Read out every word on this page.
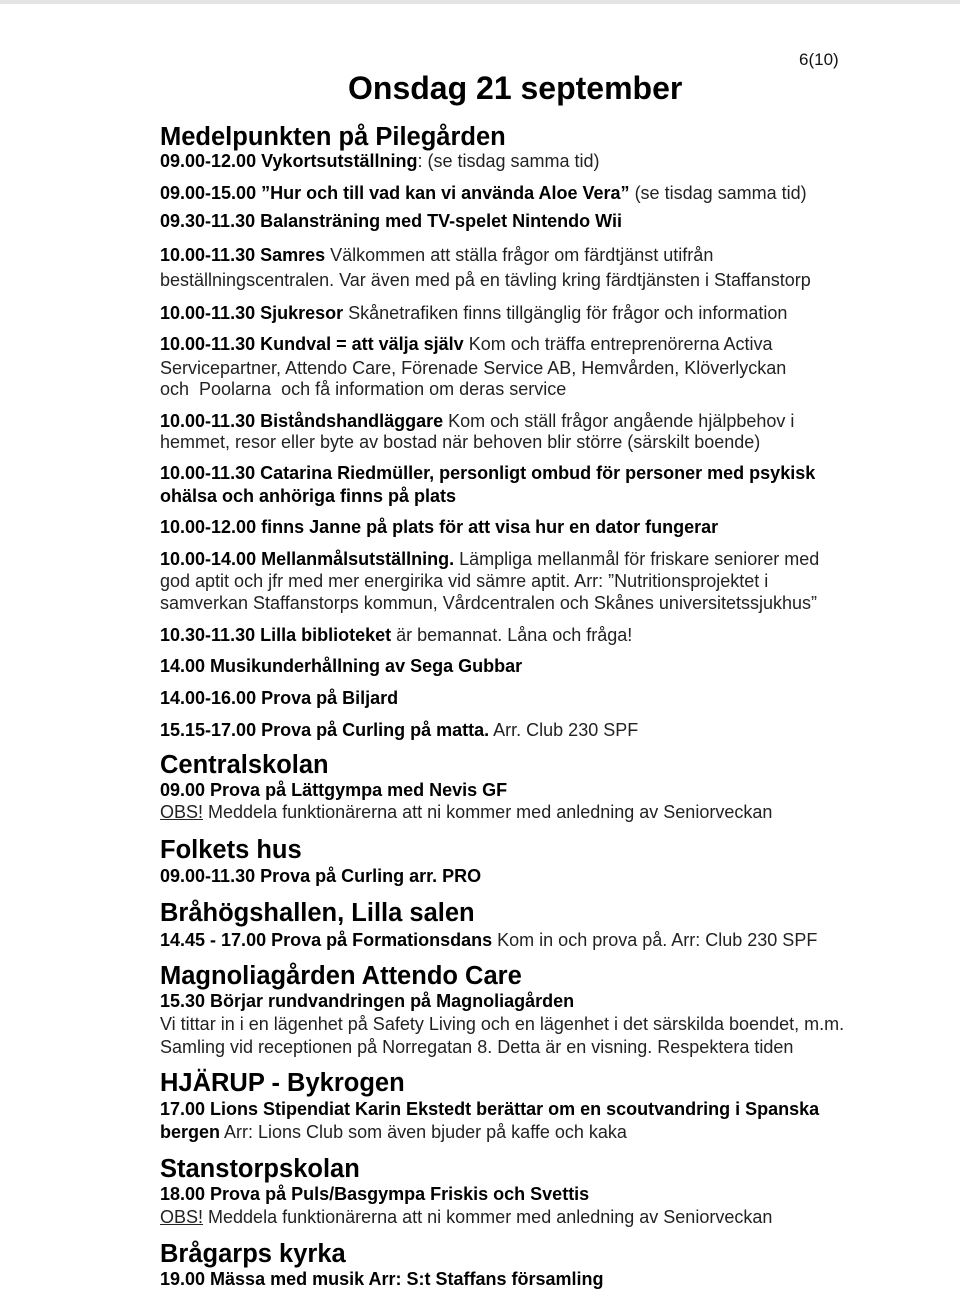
6(10)
Onsdag 21 september
Medelpunkten på Pilegården
09.00-12.00 Vykortsutställning: (se tisdag samma tid)
09.00-15.00 ”Hur och till vad kan vi använda Aloe Vera” (se tisdag samma tid)
09.30-11.30 Balansträning med TV-spelet Nintendo Wii
10.00-11.30 Samres Välkommen att ställa frågor om färdtjänst utifrån
beställningscentralen. Var även med på en tävling kring färdtjänsten i Staffanstorp
10.00-11.30 Sjukresor Skånetrafiken finns tillgänglig för frågor och information
10.00-11.30 Kundval = att välja själv Kom och träffa entreprenörerna Activa
Servicepartner, Attendo Care, Förenade Service AB, Hemvården, Klöverlyckan
och  Poolarna  och få information om deras service
10.00-11.30 Biståndshandläggare Kom och ställ frågor angående hjälpbehov i
hemmet, resor eller byte av bostad när behoven blir större (särskilt boende)
10.00-11.30 Catarina Riedmüller, personligt ombud för personer med psykisk
ohälsa och anhöriga finns på plats
10.00-12.00 finns Janne på plats för att visa hur en dator fungerar
10.00-14.00 Mellanmålsutställning. Lämpliga mellanmål för friskare seniorer med
god aptit och jfr med mer energirika vid sämre aptit. Arr: ”Nutritionsprojektet i
samverkan Staffanstorps kommun, Vårdcentralen och Skånes universitetssjukhus”
10.30-11.30 Lilla biblioteket är bemannat. Låna och fråga!
14.00 Musikunderhållning av Sega Gubbar
14.00-16.00 Prova på Biljard
15.15-17.00 Prova på Curling på matta. Arr. Club 230 SPF
Centralskolan
09.00 Prova på Lättgympa med Nevis GF
OBS! Meddela funktionärerna att ni kommer med anledning av Seniorveckan
Folkets hus
09.00-11.30 Prova på Curling arr. PRO
Bråhögshallen, Lilla salen
14.45 - 17.00 Prova på Formationsdans Kom in och prova på. Arr: Club 230 SPF
Magnoliagården Attendo Care
15.30 Börjar rundvandringen på Magnoliagården
Vi tittar in i en lägenhet på Safety Living och en lägenhet i det särskilda boendet, m.m.
Samling vid receptionen på Norregatan 8. Detta är en visning. Respektera tiden
HJÄRUP - Bykrogen
17.00 Lions Stipendiat Karin Ekstedt berättar om en scoutvandring i Spanska
bergen Arr: Lions Club som även bjuder på kaffe och kaka
Stanstorpskolan
18.00 Prova på Puls/Basgympa Friskis och Svettis
OBS! Meddela funktionärerna att ni kommer med anledning av Seniorveckan
Brågarps kyrka
19.00 Mässa med musik Arr: S:t Staffans församling
